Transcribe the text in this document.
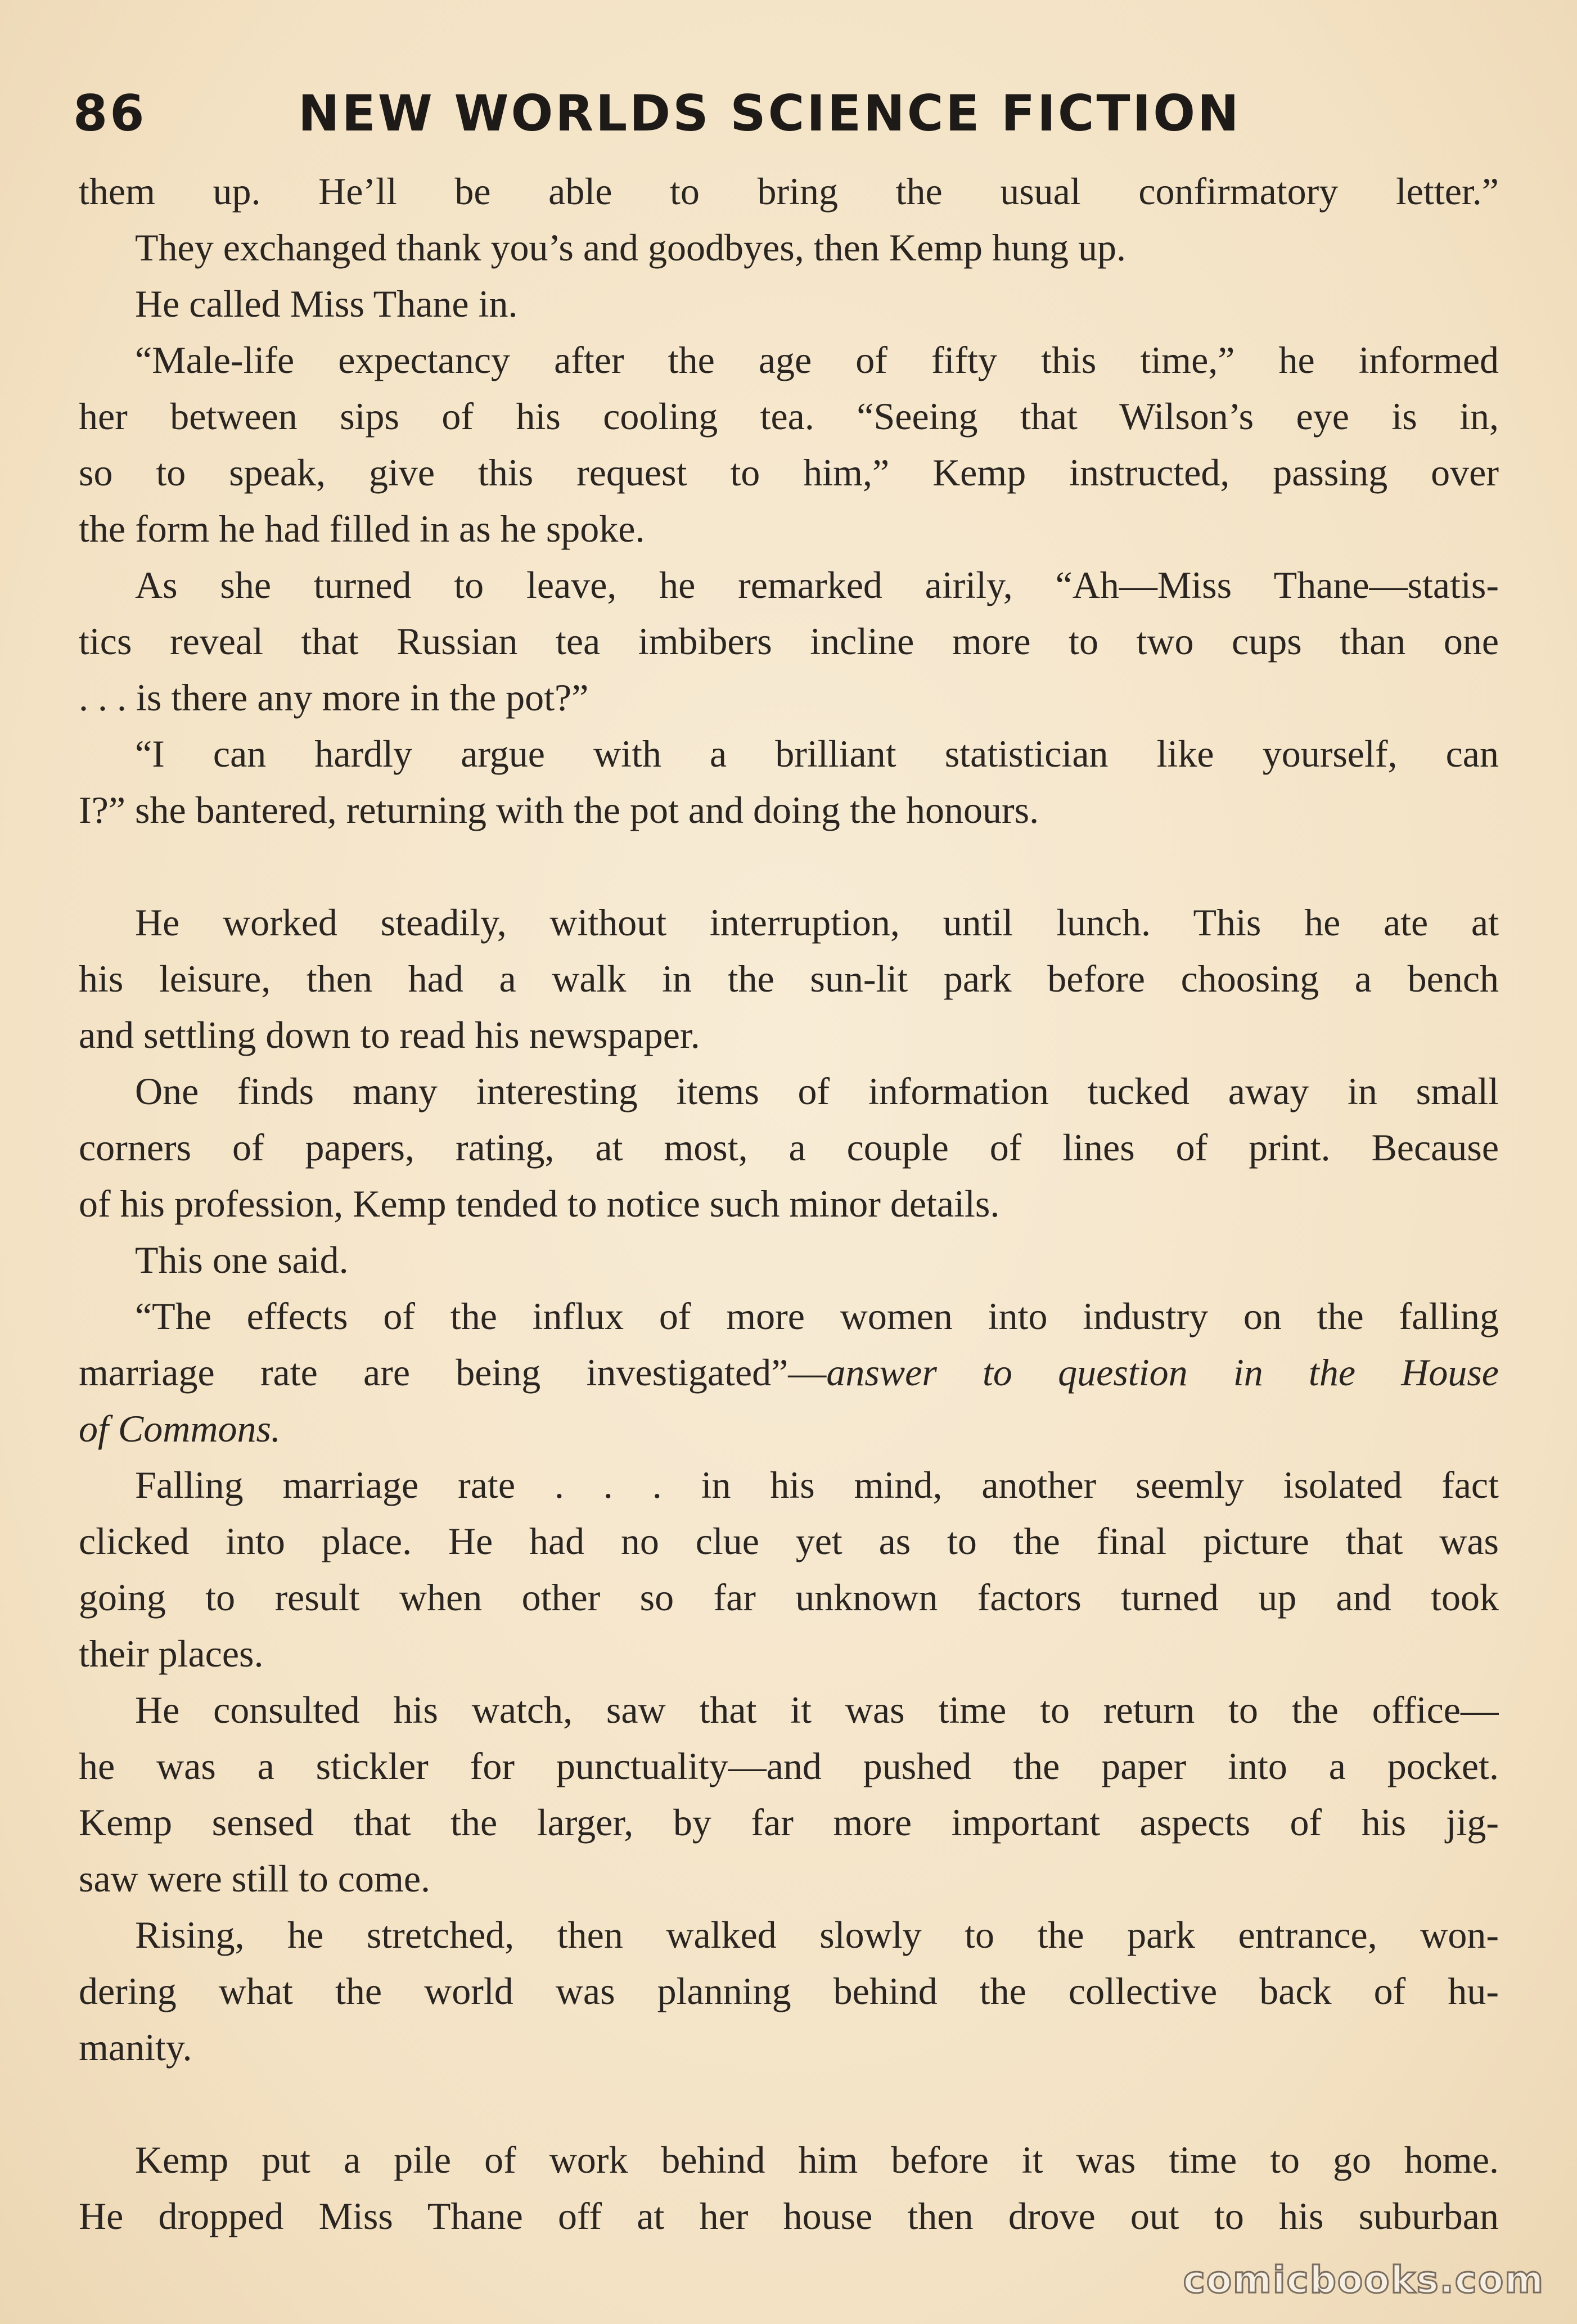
86	NEW WORLDS SCIENCE FICTION
them up. He’ll be able to bring the usual confirmatory letter.”
They exchanged thank you’s and goodbyes, then Kemp hung up.
He called Miss Thane in.
“Male-life expectancy after the age of fifty this time,” he informed
her between sips of his cooling tea. “Seeing that Wilson’s eye is in,
so to speak, give this request to him,” Kemp instructed, passing over
the form he had filled in as he spoke.
As she turned to leave, he remarked airily, “Ah—Miss Thane—statis-
tics reveal that Russian tea imbibers incline more to two cups than one
. . . is there any more in the pot?”
“I can hardly argue with a brilliant statistician like yourself, can
I?” she bantered, returning with the pot and doing the honours.
He worked steadily, without interruption, until lunch. This he ate at
his leisure, then had a walk in the sun-lit park before choosing a bench
and settling down to read his newspaper.
One finds many interesting items of information tucked away in small
corners of papers, rating, at most, a couple of lines of print. Because
of his profession, Kemp tended to notice such minor details.
This one said.
“The effects of the influx of more women into industry on the falling
marriage rate are being investigated”—answer to question in the House
of Commons.
Falling marriage rate . . . in his mind, another seemly isolated fact
clicked into place. He had no clue yet as to the final picture that was
going to result when other so far unknown factors turned up and took
their places.
He consulted his watch, saw that it was time to return to the office—
he was a stickler for punctuality—and pushed the paper into a pocket.
Kemp sensed that the larger, by far more important aspects of his jig-
saw were still to come.
Rising, he stretched, then walked slowly to the park entrance, won-
dering what the world was planning behind the collective back of hu-
manity.
Kemp put a pile of work behind him before it was time to go home.
He dropped Miss Thane off at her house then drove out to his suburban
comicbooks.com
